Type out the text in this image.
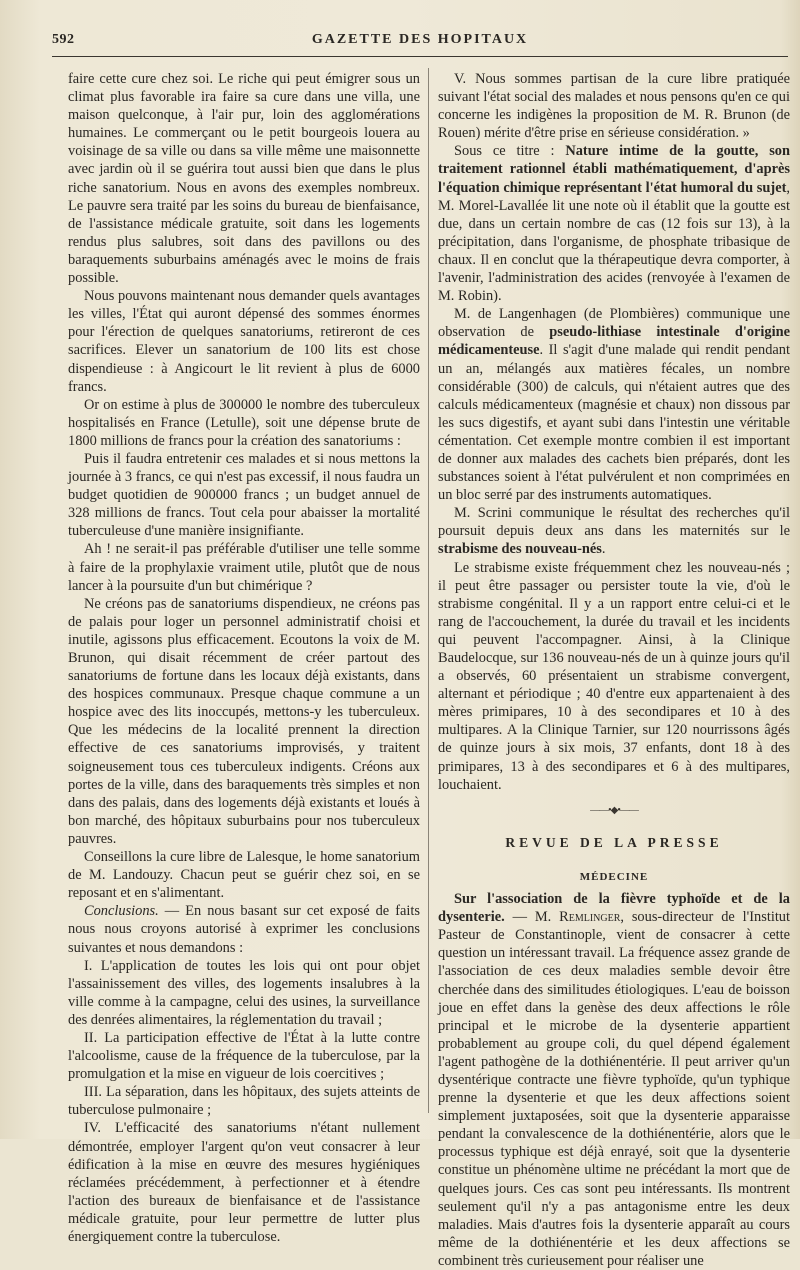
592	GAZETTE DES HOPITAUX

faire cette cure chez soi. Le riche qui peut émigrer sous un climat plus favorable ira faire sa cure dans une villa, une maison quelconque, à l'air pur, loin des agglomérations humaines. Le commerçant ou le petit bourgeois louera au voisinage de sa ville ou dans sa ville même une maisonnette avec jardin où il se guérira tout aussi bien que dans le plus riche sanatorium. Nous en avons des exemples nombreux. Le pauvre sera traité par les soins du bureau de bienfaisance, de l'assistance médicale gratuite, soit dans les logements rendus plus salubres, soit dans des pavillons ou des baraquements suburbains aménagés avec le moins de frais possible.

Nous pouvons maintenant nous demander quels avantages les villes, l'État qui auront dépensé des sommes énormes pour l'érection de quelques sanatoriums, retireront de ces sacrifices. Elever un sanatorium de 100 lits est chose dispendieuse : à Angicourt le lit revient à plus de 6000 francs.

Or on estime à plus de 300000 le nombre des tuberculeux hospitalisés en France (Letulle), soit une dépense brute de 1800 millions de francs pour la création des sanatoriums :

Puis il faudra entretenir ces malades et si nous mettons la journée à 3 francs, ce qui n'est pas excessif, il nous faudra un budget quotidien de 900000 francs ; un budget annuel de 328 millions de francs. Tout cela pour abaisser la mortalité tuberculeuse d'une manière insignifiante.

Ah ! ne serait-il pas préférable d'utiliser une telle somme à faire de la prophylaxie vraiment utile, plutôt que de nous lancer à la poursuite d'un but chimérique ?

Ne créons pas de sanatoriums dispendieux, ne créons pas de palais pour loger un personnel administratif choisi et inutile, agissons plus efficacement. Ecoutons la voix de M. Brunon, qui disait récemment de créer partout des sanatoriums de fortune dans les locaux déjà existants, dans des hospices communaux. Presque chaque commune a un hospice avec des lits inoccupés, mettons-y les tuberculeux. Que les médecins de la localité prennent la direction effective de ces sanatoriums improvisés, y traitent soigneusement tous ces tuberculeux indigents. Créons aux portes de la ville, dans des baraquements très simples et non dans des palais, dans des logements déjà existants et loués à bon marché, des hôpitaux suburbains pour nos tuberculeux pauvres.

Conseillons la cure libre de Lalesque, le home sanatorium de M. Landouzy. Chacun peut se guérir chez soi, en se reposant et en s'alimentant.

Conclusions. — En nous basant sur cet exposé de faits nous nous croyons autorisé à exprimer les conclusions suivantes et nous demandons :

I. L'application de toutes les lois qui ont pour objet l'assainissement des villes, des logements insalubres à la ville comme à la campagne, celui des usines, la surveillance des denrées alimentaires, la réglementation du travail ;

II. La participation effective de l'État à la lutte contre l'alcoolisme, cause de la fréquence de la tuberculose, par la promulgation et la mise en vigueur de lois coercitives ;

III. La séparation, dans les hôpitaux, des sujets atteints de tuberculose pulmonaire ;

IV. L'efficacité des sanatoriums n'étant nullement démontrée, employer l'argent qu'on veut consacrer à leur édification à la mise en œuvre des mesures hygiéniques réclamées précédemment, à perfectionner et à étendre l'action des bureaux de bienfaisance et de l'assistance médicale gratuite, pour leur permettre de lutter plus énergiquement contre la tuberculose.

V. Nous sommes partisan de la cure libre pratiquée suivant l'état social des malades et nous pensons qu'en ce qui concerne les indigènes la proposition de M. R. Brunon (de Rouen) mérite d'être prise en sérieuse considération. »

Sous ce titre : Nature intime de la goutte, son traitement rationnel établi mathématiquement, d'après l'équation chimique représentant l'état humoral du sujet, M. Morel-Lavallée lit une note où il établit que la goutte est due, dans un certain nombre de cas (12 fois sur 13), à la précipitation, dans l'organisme, de phosphate tribasique de chaux. Il en conclut que la thérapeutique devra comporter, à l'avenir, l'administration des acides (renvoyée à l'examen de M. Robin).

M. de Langenhagen (de Plombières) communique une observation de pseudo-lithiase intestinale d'origine médicamenteuse. Il s'agit d'une malade qui rendit pendant un an, mélangés aux matières fécales, un nombre considérable (300) de calculs, qui n'étaient autres que des calculs médicamenteux (magnésie et chaux) non dissous par les sucs digestifs, et ayant subi dans l'intestin une véritable cémentation. Cet exemple montre combien il est important de donner aux malades des cachets bien préparés, dont les substances soient à l'état pulvérulent et non comprimées en un bloc serré par des instruments automatiques.

M. Scrini communique le résultat des recherches qu'il poursuit depuis deux ans dans les maternités sur le strabisme des nouveau-nés.

Le strabisme existe fréquemment chez les nouveau-nés ; il peut être passager ou persister toute la vie, d'où le strabisme congénital. Il y a un rapport entre celui-ci et le rang de l'accouchement, la durée du travail et les incidents qui peuvent l'accompagner. Ainsi, à la Clinique Baudelocque, sur 136 nouveau-nés de un à quinze jours qu'il a observés, 60 présentaient un strabisme convergent, alternant et périodique ; 40 d'entre eux appartenaient à des mères primipares, 10 à des secondipares et 10 à des multipares. A la Clinique Tarnier, sur 120 nourrissons âgés de quinze jours à six mois, 37 enfants, dont 18 à des primipares, 13 à des secondipares et 6 à des multipares, louchaient.

——•◆•——
REVUE DE LA PRESSE
MÉDECINE

Sur l'association de la fièvre typhoïde et de la dysenterie. — M. Remlinger, sous-directeur de l'Institut Pasteur de Constantinople, vient de consacrer à cette question un intéressant travail. La fréquence assez grande de l'association de ces deux maladies semble devoir être cherchée dans des similitudes étiologiques. L'eau de boisson joue en effet dans la genèse des deux affections le rôle principal et le microbe de la dysenterie appartient probablement au groupe coli, du quel dépend également l'agent pathogène de la dothiénentérie. Il peut arriver qu'un dysentérique contracte une fièvre typhoïde, qu'un typhique prenne la dysenterie et que les deux affections soient simplement juxtaposées, soit que la dysenterie apparaisse pendant la convalescence de la dothiénentérie, alors que le processus typhique est déjà enrayé, soit que la dysenterie constitue un phénomène ultime ne précédant la mort que de quelques jours. Ces cas sont peu intéressants. Ils montrent seulement qu'il n'y a pas antagonisme entre les deux maladies. Mais d'autres fois la dysenterie apparaît au cours même de la dothiénentérie et les deux affections se combinent très curieusement pour réaliser une
